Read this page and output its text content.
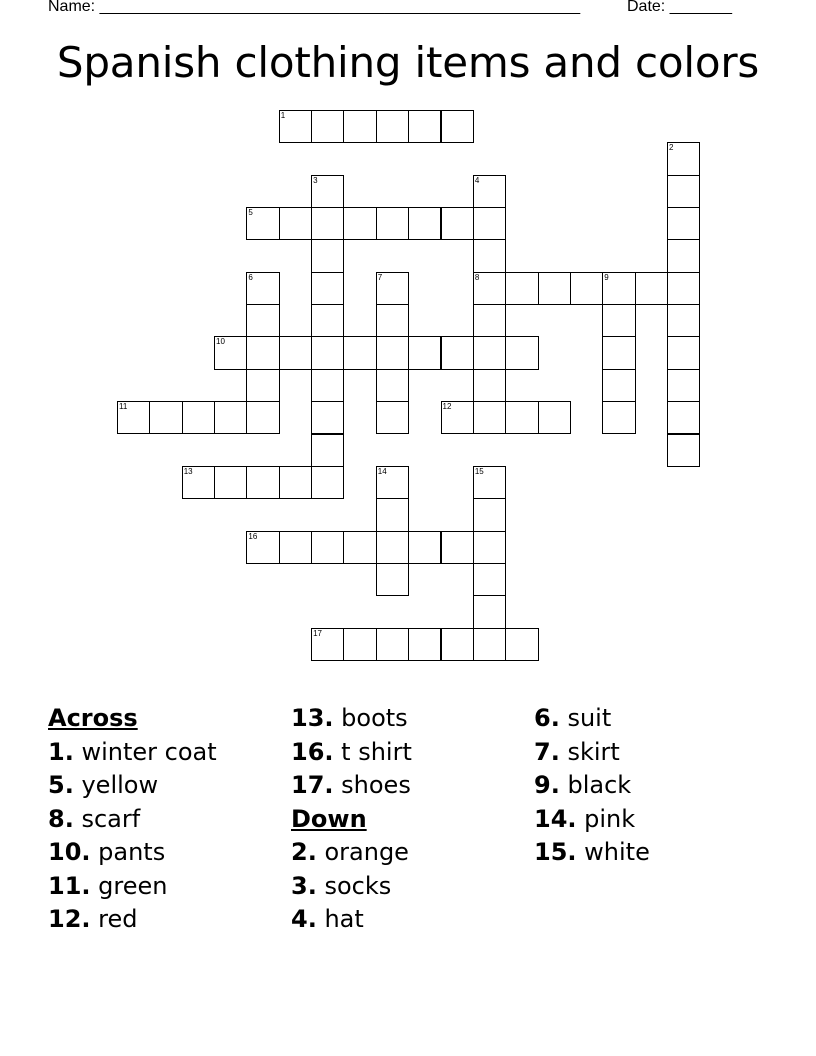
Name: ______________________________________________________	Date: _______
Spanish clothing items and colors
1
5
8	9
10
11	12
13
16
17
2
3	4
6	7
14	15
Across
1. winter coat
5. yellow
8. scarf
10. pants
11. green
12. red
13. boots
16. t shirt
17. shoes
Down
2. orange
3. socks
4. hat
6. suit
7. skirt
9. black
14. pink
15. white
